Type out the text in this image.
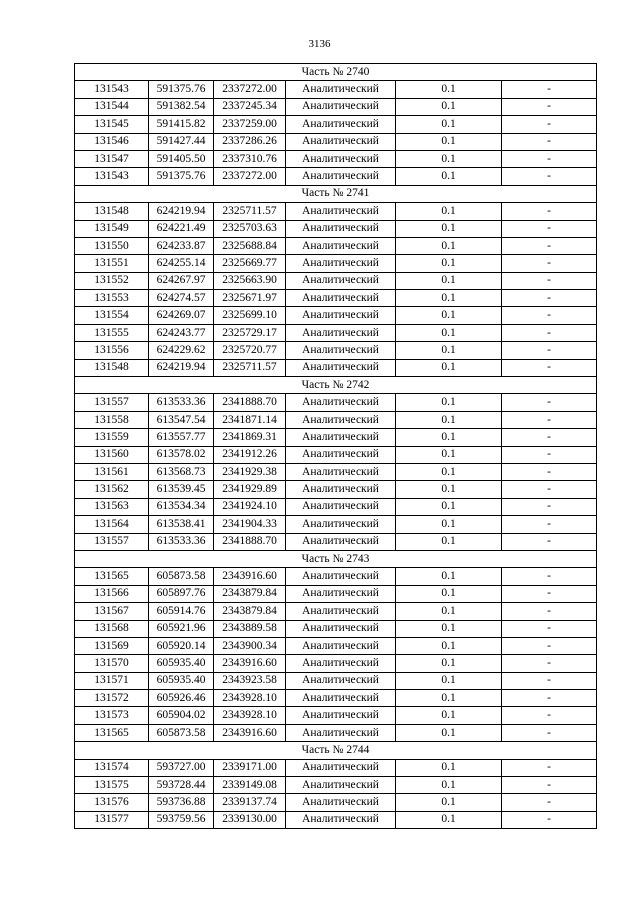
3136
Часть № 2740					
131543	591375.76	2337272.00	Аналитический	0.1	-
131544	591382.54	2337245.34	Аналитический	0.1	-
131545	591415.82	2337259.00	Аналитический	0.1	-
131546	591427.44	2337286.26	Аналитический	0.1	-
131547	591405.50	2337310.76	Аналитический	0.1	-
131543	591375.76	2337272.00	Аналитический	0.1	-
Часть № 2741					
131548	624219.94	2325711.57	Аналитический	0.1	-
131549	624221.49	2325703.63	Аналитический	0.1	-
131550	624233.87	2325688.84	Аналитический	0.1	-
131551	624255.14	2325669.77	Аналитический	0.1	-
131552	624267.97	2325663.90	Аналитический	0.1	-
131553	624274.57	2325671.97	Аналитический	0.1	-
131554	624269.07	2325699.10	Аналитический	0.1	-
131555	624243.77	2325729.17	Аналитический	0.1	-
131556	624229.62	2325720.77	Аналитический	0.1	-
131548	624219.94	2325711.57	Аналитический	0.1	-
Часть № 2742					
131557	613533.36	2341888.70	Аналитический	0.1	-
131558	613547.54	2341871.14	Аналитический	0.1	-
131559	613557.77	2341869.31	Аналитический	0.1	-
131560	613578.02	2341912.26	Аналитический	0.1	-
131561	613568.73	2341929.38	Аналитический	0.1	-
131562	613539.45	2341929.89	Аналитический	0.1	-
131563	613534.34	2341924.10	Аналитический	0.1	-
131564	613538.41	2341904.33	Аналитический	0.1	-
131557	613533.36	2341888.70	Аналитический	0.1	-
Часть № 2743					
131565	605873.58	2343916.60	Аналитический	0.1	-
131566	605897.76	2343879.84	Аналитический	0.1	-
131567	605914.76	2343879.84	Аналитический	0.1	-
131568	605921.96	2343889.58	Аналитический	0.1	-
131569	605920.14	2343900.34	Аналитический	0.1	-
131570	605935.40	2343916.60	Аналитический	0.1	-
131571	605935.40	2343923.58	Аналитический	0.1	-
131572	605926.46	2343928.10	Аналитический	0.1	-
131573	605904.02	2343928.10	Аналитический	0.1	-
131565	605873.58	2343916.60	Аналитический	0.1	-
Часть № 2744					
131574	593727.00	2339171.00	Аналитический	0.1	-
131575	593728.44	2339149.08	Аналитический	0.1	-
131576	593736.88	2339137.74	Аналитический	0.1	-
131577	593759.56	2339130.00	Аналитический	0.1	-
